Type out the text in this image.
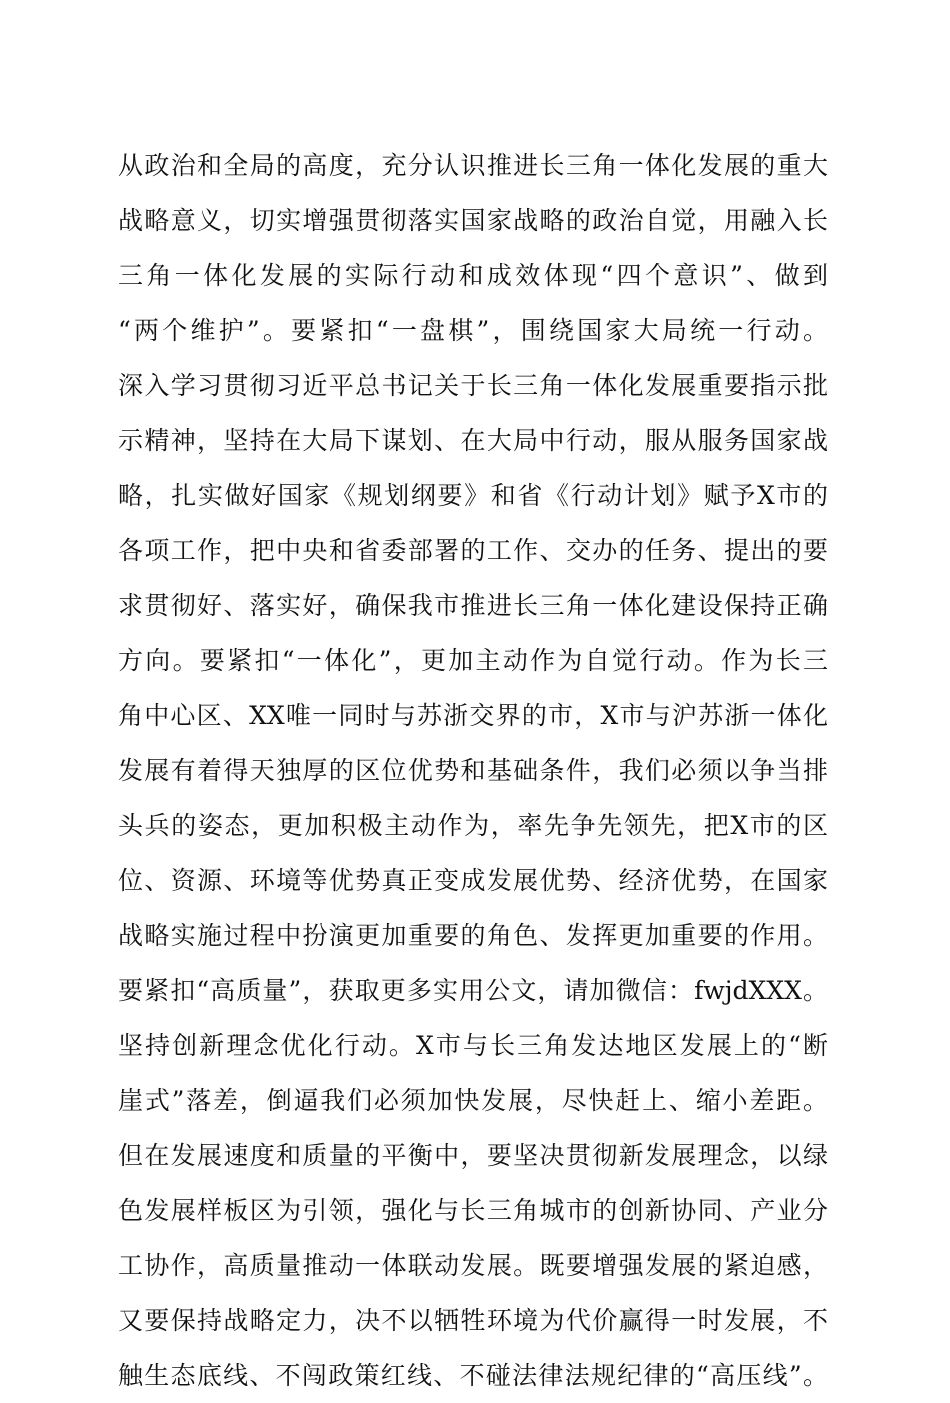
从政治和全局的高度，充分认识推进长三角一体化发展的重大
战略意义，切实增强贯彻落实国家战略的政治自觉，用融入长
三角一体化发展的实际行动和成效体现“四个意识”、做到
“两个维护”。要紧扣“一盘棋”，围绕国家大局统一行动。
深入学习贯彻习近平总书记关于长三角一体化发展重要指示批
示精神，坚持在大局下谋划、在大局中行动，服从服务国家战
略，扎实做好国家《规划纲要》和省《行动计划》赋予X市的
各项工作，把中央和省委部署的工作、交办的任务、提出的要
求贯彻好、落实好，确保我市推进长三角一体化建设保持正确
方向。要紧扣“一体化”，更加主动作为自觉行动。作为长三
角中心区、XX唯一同时与苏浙交界的市，X市与沪苏浙一体化
发展有着得天独厚的区位优势和基础条件，我们必须以争当排
头兵的姿态，更加积极主动作为，率先争先领先，把X市的区
位、资源、环境等优势真正变成发展优势、经济优势，在国家
战略实施过程中扮演更加重要的角色、发挥更加重要的作用。
要紧扣“高质量”，获取更多实用公文，请加微信：fwjdXXX。
坚持创新理念优化行动。X市与长三角发达地区发展上的“断
崖式”落差，倒逼我们必须加快发展，尽快赶上、缩小差距。
但在发展速度和质量的平衡中，要坚决贯彻新发展理念，以绿
色发展样板区为引领，强化与长三角城市的创新协同、产业分
工协作，高质量推动一体联动发展。既要增强发展的紧迫感，
又要保持战略定力，决不以牺牲环境为代价赢得一时发展，不
触生态底线、不闯政策红线、不碰法律法规纪律的“高压线”。
